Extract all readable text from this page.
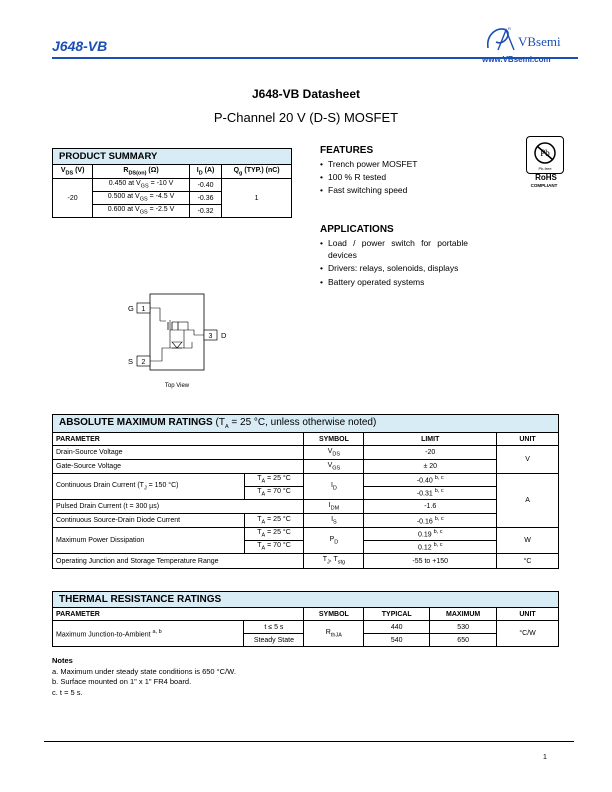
J648-VB	VBsemi
R
www.VBsemi.com
J648-VB Datasheet
P-Channel 20 V (D-S) MOSFET
PRODUCT SUMMARY			
$V_{DS}$ (V)	$R_{DS(on)}$ (Ω)	$I_D$ (A)	$Q_g$ (TYP.) (nC)
-20	0.450 at $V_{GS} = -10$ V	-0.40	1
	0.500 at $V_{GS} = -4.5$ V	-0.36	
	0.600 at $V_{GS} = -2.5$ V	-0.32	
FEATURES
• Trench power MOSFET
• 100 % R tested
• Fast switching speed
Pb
Pb-free
RoHS
COMPLIANT
APPLICATIONS
• Load / power switch for portable devices
• Drivers: relays, solenoids, displays
• Battery operated systems
1
2
3
G
S
D
Top View
ABSOLUTE MAXIMUM RATINGS ($T_A = 25$ °C, unless otherwise noted)				
PARAMETER		SYMBOL	LIMIT	UNIT
Drain-Source Voltage		$V_{DS}$	-20	V
Gate-Source Voltage		$V_{GS}$	± 20	
Continuous Drain Current ($T_J = 150$ °C)	$T_A = 25$ °C	$I_D$	-0.40 $^{b, c}$	A
	$T_A = 70$ °C		-0.31 $^{b, c}$
Pulsed Drain Current (t = 300 µs)		$I_{DM}$	-1.6	
Continuous Source-Drain Diode Current	$T_A = 25$ °C	$I_S$	-0.16 $^{b, c}$
Maximum Power Dissipation	$T_A = 25$ °C	$P_D$	0.19 $^{b, c}$	W
	$T_A = 70$ °C		0.12 $^{b, c}$
Operating Junction and Storage Temperature Range		$T_J$, $T_{stg}$	-55 to +150	°C
THERMAL RESISTANCE RATINGS					
PARAMETER		SYMBOL	TYPICAL	MAXIMUM	UNIT
Maximum Junction-to-Ambient $^{a, b}$	t ≤ 5 s	$R_{thJA}$	440	530	°C/W
	Steady State		540	650	
Notes
a. Maximum under steady state conditions is 650 °C/W.
b. Surface mounted on 1" x 1" FR4 board.
c. t = 5 s.
1
